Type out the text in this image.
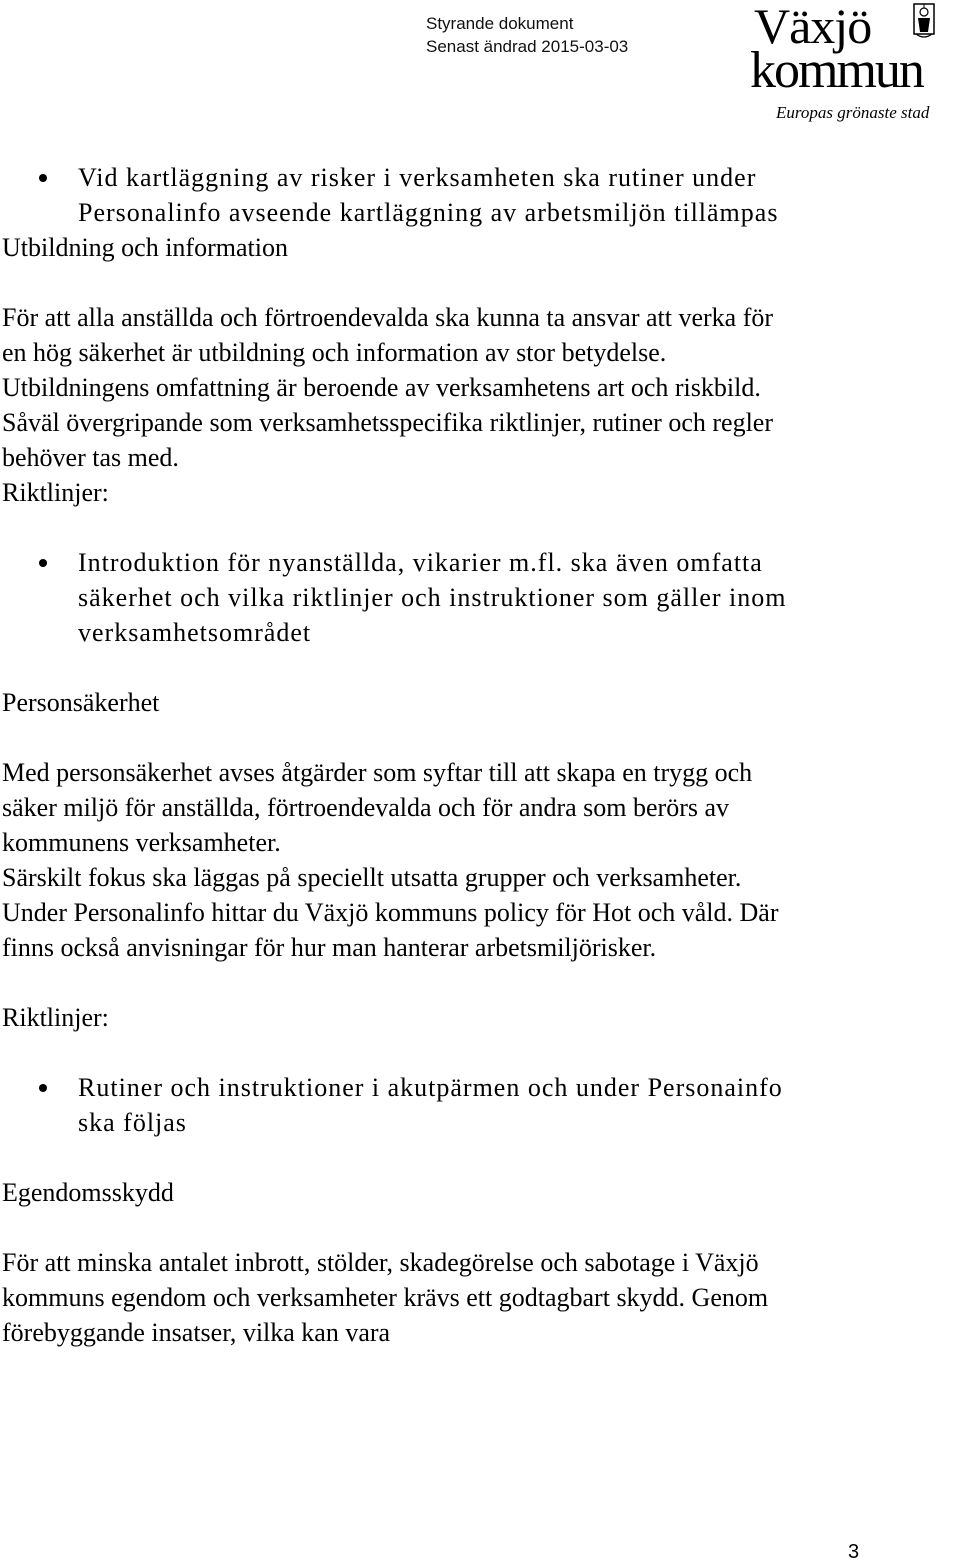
Styrande dokument
Senast ändrad 2015-03-03	Växjö
kommun
Europas grönaste stad
Vid kartläggning av risker i verksamheten ska rutiner under Personalinfo avseende kartläggning av arbetsmiljön tillämpas
Utbildning och information

För att alla anställda och förtroendevalda ska kunna ta ansvar att verka för en hög säkerhet är utbildning och information av stor betydelse. Utbildningens omfattning är beroende av verksamhetens art och riskbild.

Såväl övergripande som verksamhetsspecifika riktlinjer, rutiner och regler behöver tas med.

Riktlinjer:
Introduktion för nyanställda, vikarier m.fl. ska även omfatta säkerhet och vilka riktlinjer och instruktioner som gäller inom verksamhetsområdet
Personsäkerhet

Med personsäkerhet avses åtgärder som syftar till att skapa en trygg och säker miljö för anställda, förtroendevalda och för andra som berörs av kommunens verksamheter.

Särskilt fokus ska läggas på speciellt utsatta grupper och verksamheter.

Under Personalinfo hittar du Växjö kommuns policy för Hot och våld. Där finns också anvisningar för hur man hanterar arbetsmiljörisker.

Riktlinjer:
Rutiner och instruktioner i akutpärmen och under Personainfo ska följas
Egendomsskydd

För att minska antalet inbrott, stölder, skadegörelse och sabotage i Växjö kommuns egendom och verksamheter krävs ett godtagbart skydd. Genom förebyggande insatser, vilka kan vara

3
